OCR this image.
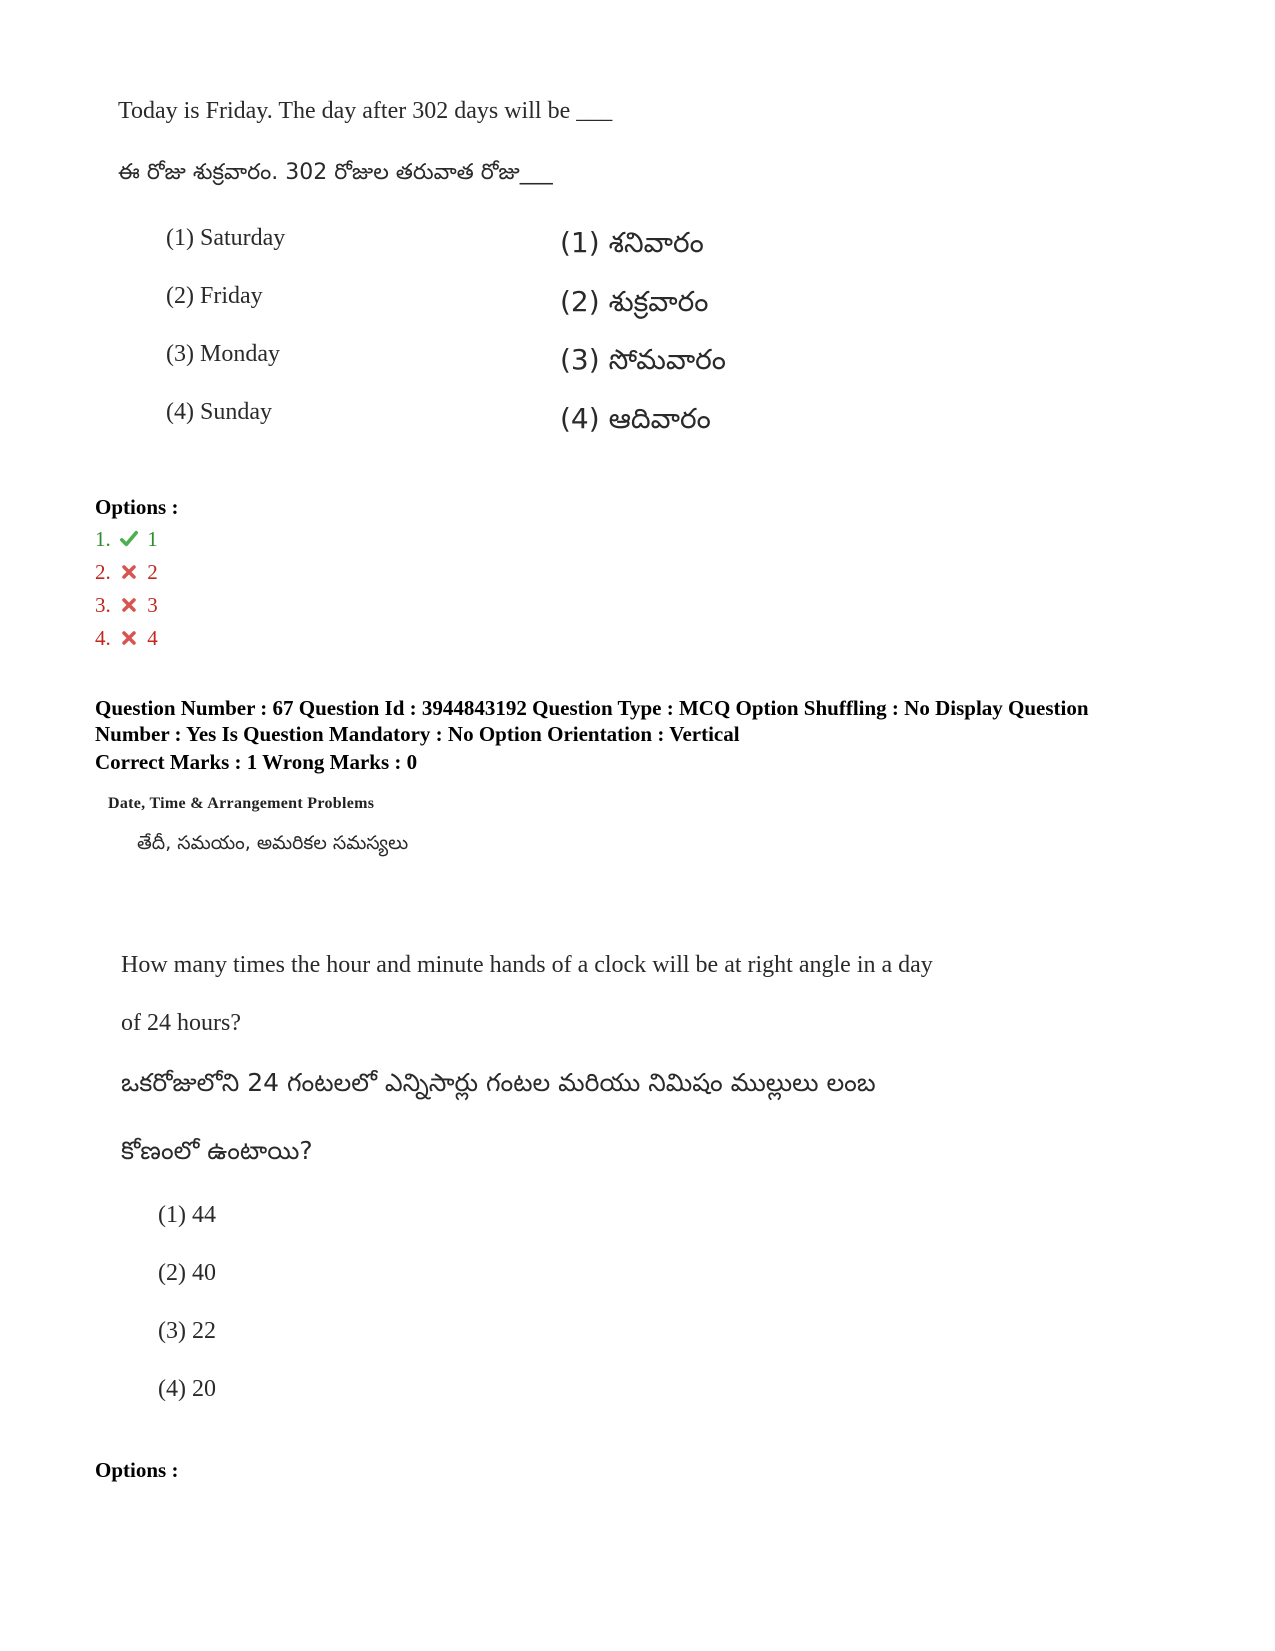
Today is Friday. The day after 302 days will be ___
ఈ రోజు శుక్రవారం. 302 రోజుల తరువాత రోజు___
(1) Saturday
(2) Friday
(3) Monday
(4) Sunday
(1) శనివారం
(2) శుక్రవారం
(3) సోమవారం
(4) ఆదివారం
Options :
1. 1
2. 2
3. 3
4. 4
Question Number : 67 Question Id : 3944843192 Question Type : MCQ Option Shuffling : No Display Question
Number : Yes Is Question Mandatory : No Option Orientation : Vertical
Correct Marks : 1 Wrong Marks : 0
Date, Time & Arrangement Problems
తేదీ, సమయం, అమరికల సమస్యలు
How many times the hour and minute hands of a clock will be at right angle in a day
of 24 hours?
ఒకరోజులోని 24 గంటలలో ఎన్నిసార్లు గంటల మరియు నిమిషం ముల్లులు లంబ
కోణంలో ఉంటాయి?
(1) 44
(2) 40
(3) 22
(4) 20
Options :
